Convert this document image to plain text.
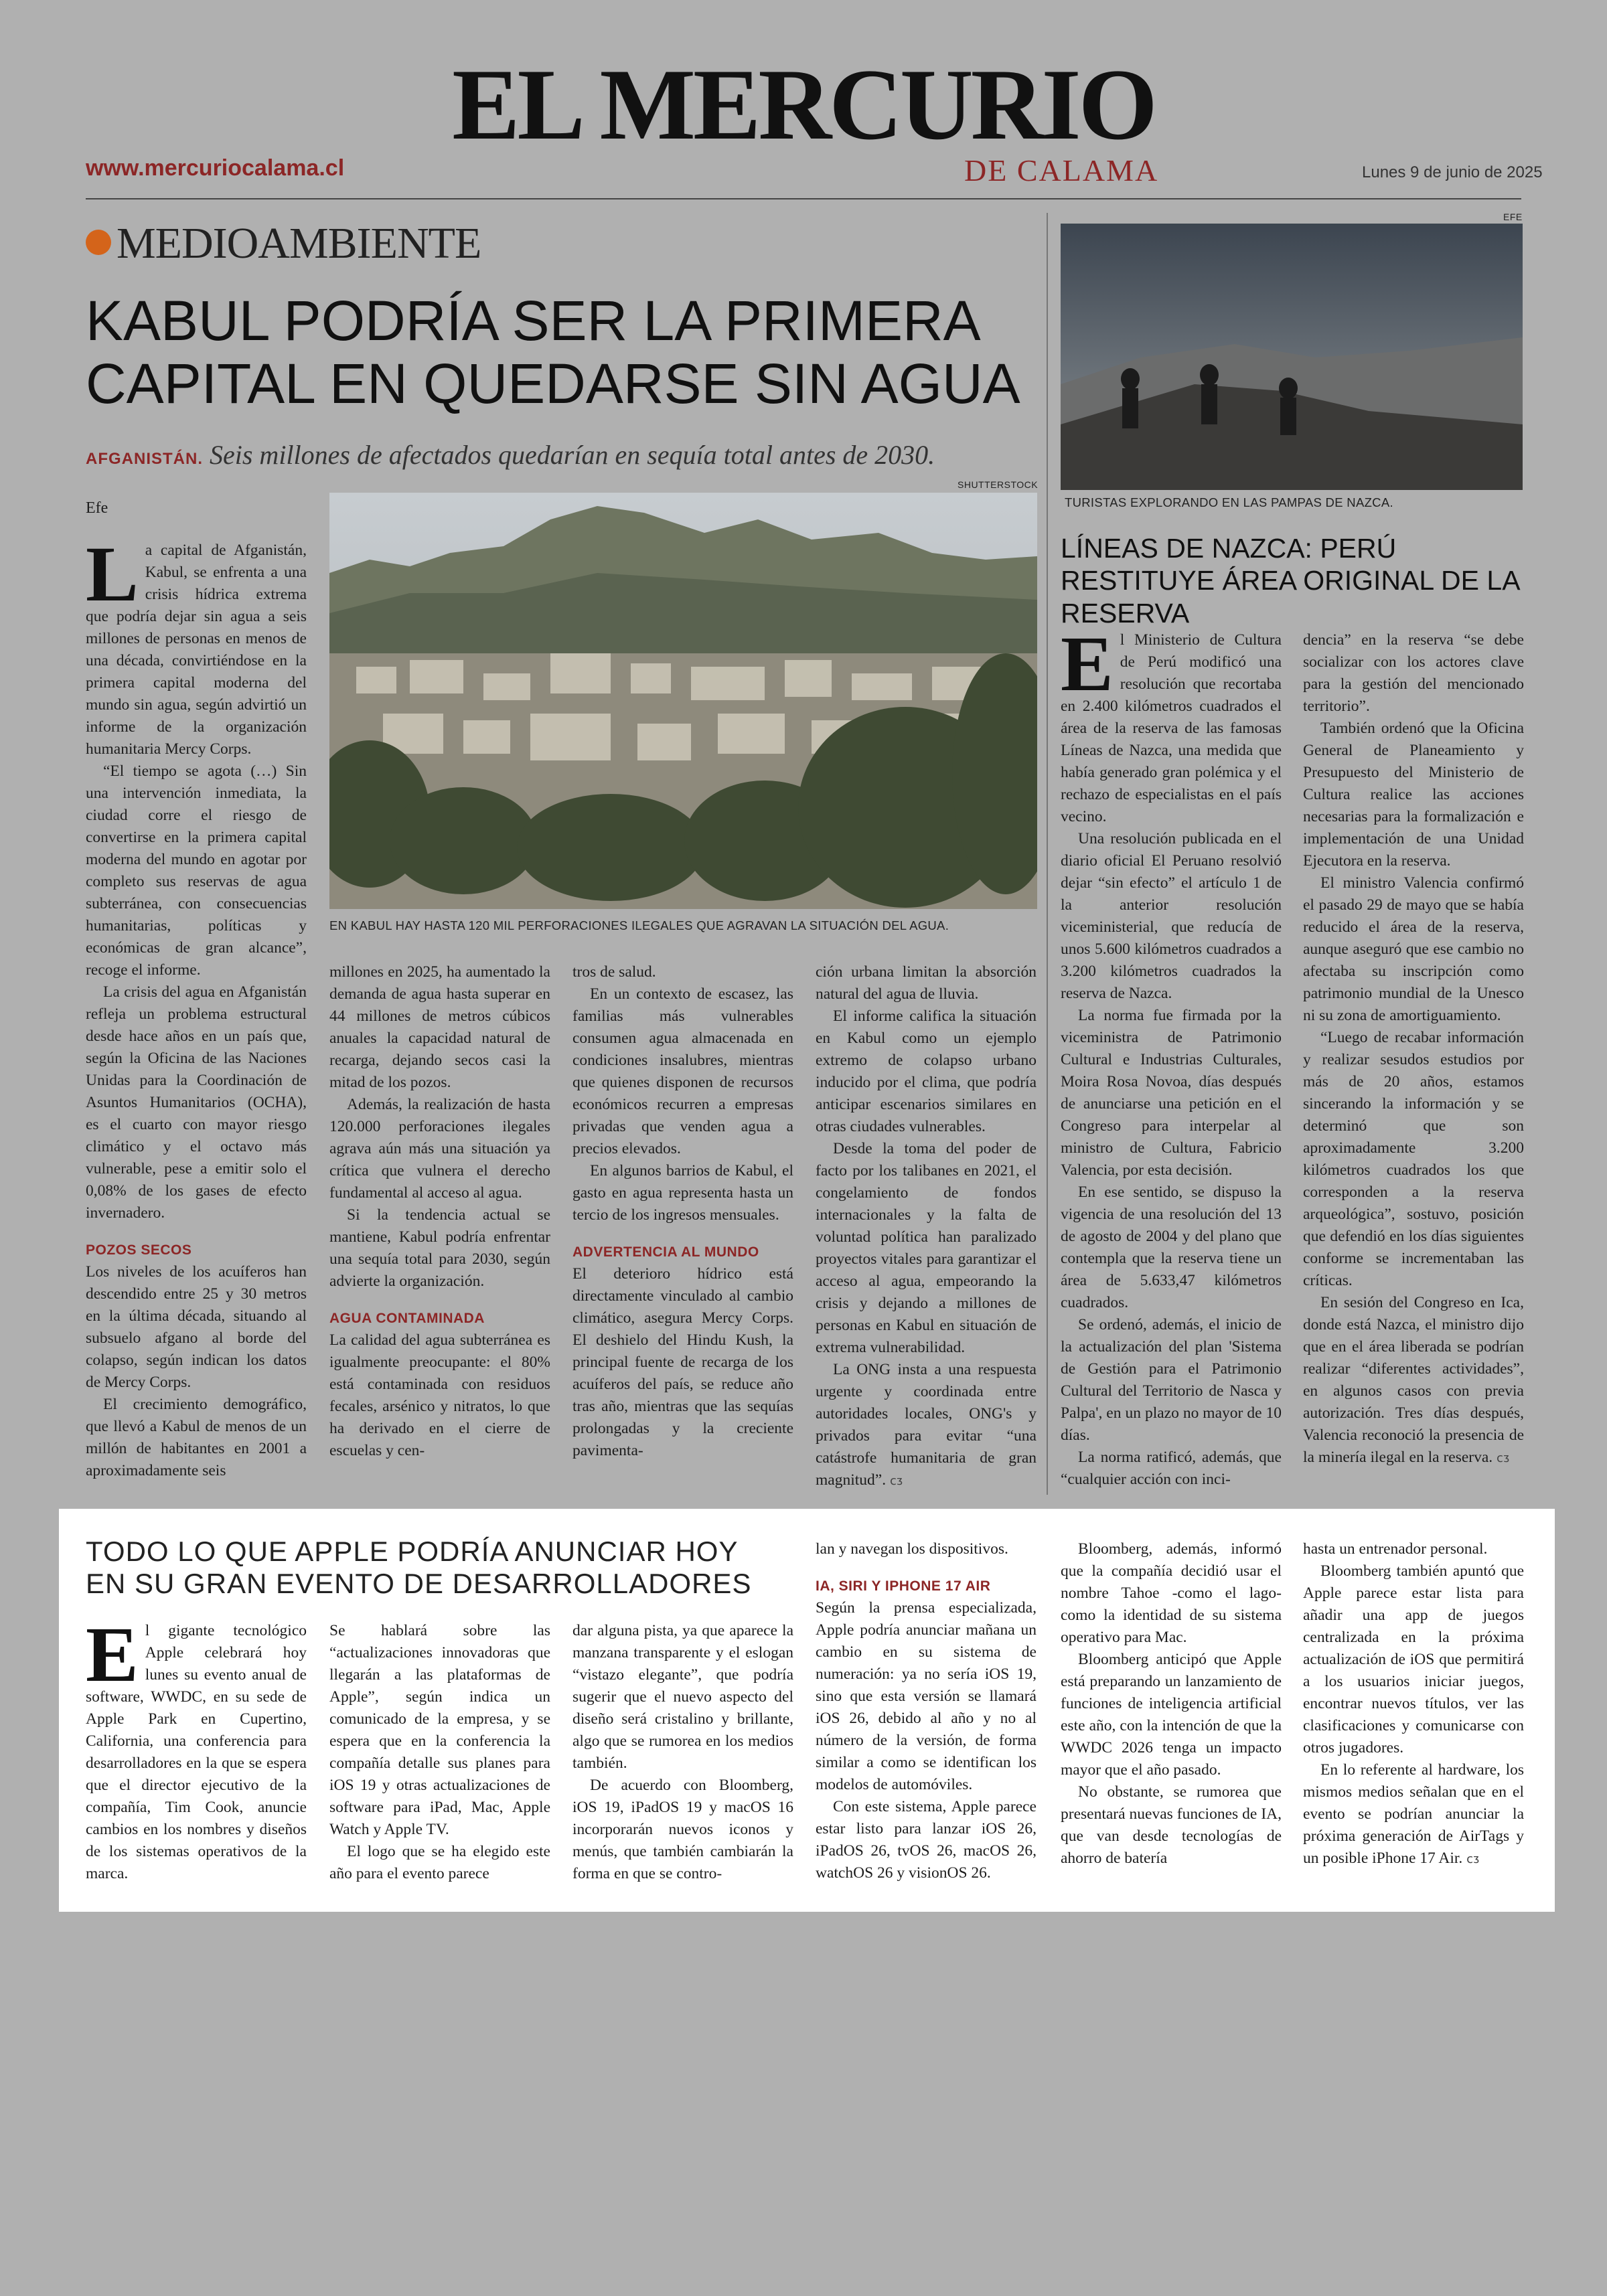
EL MERCURIO
DE CALAMA
www.mercuriocalama.cl	Lunes 9 de junio de 2025
MEDIOAMBIENTE
KABUL PODRÍA SER LA PRIMERA CAPITAL EN QUEDARSE SIN AGUA
AFGANISTÁN. Seis millones de afectados quedarían en sequía total antes de 2030.
Efe
SHUTTERSTOCK
EN KABUL HAY HASTA 120 MIL PERFORACIONES ILEGALES QUE AGRAVAN LA SITUACIÓN DEL AGUA.

La capital de Afganistán, Kabul, se enfrenta a una crisis hídrica extrema que podría dejar sin agua a seis millones de personas en menos de una década, convirtiéndose en la primera capital moderna del mundo sin agua, según advirtió un informe de la organización humanitaria Mercy Corps.

“El tiempo se agota (…) Sin una intervención inmediata, la ciudad corre el riesgo de convertirse en la primera capital moderna del mundo en agotar por completo sus reservas de agua subterránea, con consecuencias humanitarias, políticas y económicas de gran alcance”, recoge el informe.

La crisis del agua en Afganistán refleja un problema estructural desde hace años en un país que, según la Oficina de las Naciones Unidas para la Coordinación de Asuntos Humanitarios (OCHA), es el cuarto con mayor riesgo climático y el octavo más vulnerable, pese a emitir solo el 0,08% de los gases de efecto invernadero.

POZOS SECOS

Los niveles de los acuíferos han descendido entre 25 y 30 metros en la última década, situando al subsuelo afgano al borde del colapso, según indican los datos de Mercy Corps.

El crecimiento demográfico, que llevó a Kabul de menos de un millón de habitantes en 2001 a aproximadamente seis

millones en 2025, ha aumentado la demanda de agua hasta superar en 44 millones de metros cúbicos anuales la capacidad natural de recarga, dejando secos casi la mitad de los pozos.

Además, la realización de hasta 120.000 perforaciones ilegales agrava aún más una situación ya crítica que vulnera el derecho fundamental al acceso al agua.

Si la tendencia actual se mantiene, Kabul podría enfrentar una sequía total para 2030, según advierte la organización.

AGUA CONTAMINADA

La calidad del agua subterránea es igualmente preocupante: el 80% está contaminada con residuos fecales, arsénico y nitratos, lo que ha derivado en el cierre de escuelas y cen-

tros de salud.

En un contexto de escasez, las familias más vulnerables consumen agua almacenada en condiciones insalubres, mientras que quienes disponen de recursos económicos recurren a empresas privadas que venden agua a precios elevados.

En algunos barrios de Kabul, el gasto en agua representa hasta un tercio de los ingresos mensuales.

ADVERTENCIA AL MUNDO

El deterioro hídrico está directamente vinculado al cambio climático, asegura Mercy Corps. El deshielo del Hindu Kush, la principal fuente de recarga de los acuíferos del país, se reduce año tras año, mientras que las sequías prolongadas y la creciente pavimenta-

ción urbana limitan la absorción natural del agua de lluvia.

El informe califica la situación en Kabul como un ejemplo extremo de colapso urbano inducido por el clima, que podría anticipar escenarios similares en otras ciudades vulnerables.

Desde la toma del poder de facto por los talibanes en 2021, el congelamiento de fondos internacionales y la falta de voluntad política han paralizado proyectos vitales para garantizar el acceso al agua, empeorando la crisis y dejando a millones de personas en Kabul en situación de extrema vulnerabilidad.

La ONG insta a una respuesta urgente y coordinada entre autoridades locales, ONG's y privados para evitar “una catástrofe humanitaria de gran magnitud”. ᴄᴣ

EFE
TURISTAS EXPLORANDO EN LAS PAMPAS DE NAZCA.
LÍNEAS DE NAZCA: PERÚ RESTITUYE ÁREA ORIGINAL DE LA RESERVA

El Ministerio de Cultura de Perú modificó una resolución que recortaba en 2.400 kilómetros cuadrados el área de la reserva de las famosas Líneas de Nazca, una medida que había generado gran polémica y el rechazo de especialistas en el país vecino.

Una resolución publicada en el diario oficial El Peruano resolvió dejar “sin efecto” el artículo 1 de la anterior resolución viceministerial, que reducía de unos 5.600 kilómetros cuadrados a 3.200 kilómetros cuadrados la reserva de Nazca.

La norma fue firmada por la viceministra de Patrimonio Cultural e Industrias Culturales, Moira Rosa Novoa, días después de anunciarse una petición en el Congreso para interpelar al ministro de Cultura, Fabricio Valencia, por esta decisión.

En ese sentido, se dispuso la vigencia de una resolución del 13 de agosto de 2004 y del plano que contempla que la reserva tiene un área de 5.633,47 kilómetros cuadrados.

Se ordenó, además, el inicio de la actualización del plan 'Sistema de Gestión para el Patrimonio Cultural del Territorio de Nasca y Palpa', en un plazo no mayor de 10 días.

La norma ratificó, además, que “cualquier acción con inci-

dencia” en la reserva “se debe socializar con los actores clave para la gestión del mencionado territorio”.

También ordenó que la Oficina General de Planeamiento y Presupuesto del Ministerio de Cultura realice las acciones necesarias para la formalización e implementación de una Unidad Ejecutora en la reserva.

El ministro Valencia confirmó el pasado 29 de mayo que se había reducido el área de la reserva, aunque aseguró que ese cambio no afectaba su inscripción como patrimonio mundial de la Unesco ni su zona de amortiguamiento.

“Luego de recabar información y realizar sesudos estudios por más de 20 años, estamos sincerando la información y se determinó que son aproximadamente 3.200 kilómetros cuadrados los que corresponden a la reserva arqueológica”, sostuvo, posición que defendió en los días siguientes conforme se incrementaban las críticas.

En sesión del Congreso en Ica, donde está Nazca, el ministro dijo que en el área liberada se podrían realizar “diferentes actividades”, en algunos casos con previa autorización. Tres días después, Valencia reconoció la presencia de la minería ilegal en la reserva. ᴄᴣ

TODO LO QUE APPLE PODRÍA ANUNCIAR HOY EN SU GRAN EVENTO DE DESARROLLADORES

El gigante tecnológico Apple celebrará hoy lunes su evento anual de software, WWDC, en su sede de Apple Park en Cupertino, California, una conferencia para desarrolladores en la que se espera que el director ejecutivo de la compañía, Tim Cook, anuncie cambios en los nombres y diseños de los sistemas operativos de la marca.

Se hablará sobre las “actualizaciones innovadoras que llegarán a las plataformas de Apple”, según indica un comunicado de la empresa, y se espera que en la conferencia la compañía detalle sus planes para iOS 19 y otras actualizaciones de software para iPad, Mac, Apple Watch y Apple TV.

El logo que se ha elegido este año para el evento parece

dar alguna pista, ya que aparece la manzana transparente y el eslogan “vistazo elegante”, que podría sugerir que el nuevo aspecto del diseño será cristalino y brillante, algo que se rumorea en los medios también.

De acuerdo con Bloomberg, iOS 19, iPadOS 19 y macOS 16 incorporarán nuevos iconos y menús, que también cambiarán la forma en que se contro-

lan y navegan los dispositivos.

IA, SIRI Y IPHONE 17 AIR

Según la prensa especializada, Apple podría anunciar mañana un cambio en su sistema de numeración: ya no sería iOS 19, sino que esta versión se llamará iOS 26, debido al año y no al número de la versión, de forma similar a como se identifican los modelos de automóviles.

Con este sistema, Apple parece estar listo para lanzar iOS 26, iPadOS 26, tvOS 26, macOS 26, watchOS 26 y visionOS 26.

Bloomberg, además, informó que la compañía decidió usar el nombre Tahoe -como el lago- como la identidad de su sistema operativo para Mac.

Bloomberg anticipó que Apple está preparando un lanzamiento de funciones de inteligencia artificial este año, con la intención de que la WWDC 2026 tenga un impacto mayor que el año pasado.

No obstante, se rumorea que presentará nuevas funciones de IA, que van desde tecnologías de ahorro de batería

hasta un entrenador personal.

Bloomberg también apuntó que Apple parece estar lista para añadir una app de juegos centralizada en la próxima actualización de iOS que permitirá a los usuarios iniciar juegos, encontrar nuevos títulos, ver las clasificaciones y comunicarse con otros jugadores.

En lo referente al hardware, los mismos medios señalan que en el evento se podrían anunciar la próxima generación de AirTags y un posible iPhone 17 Air. ᴄᴣ
